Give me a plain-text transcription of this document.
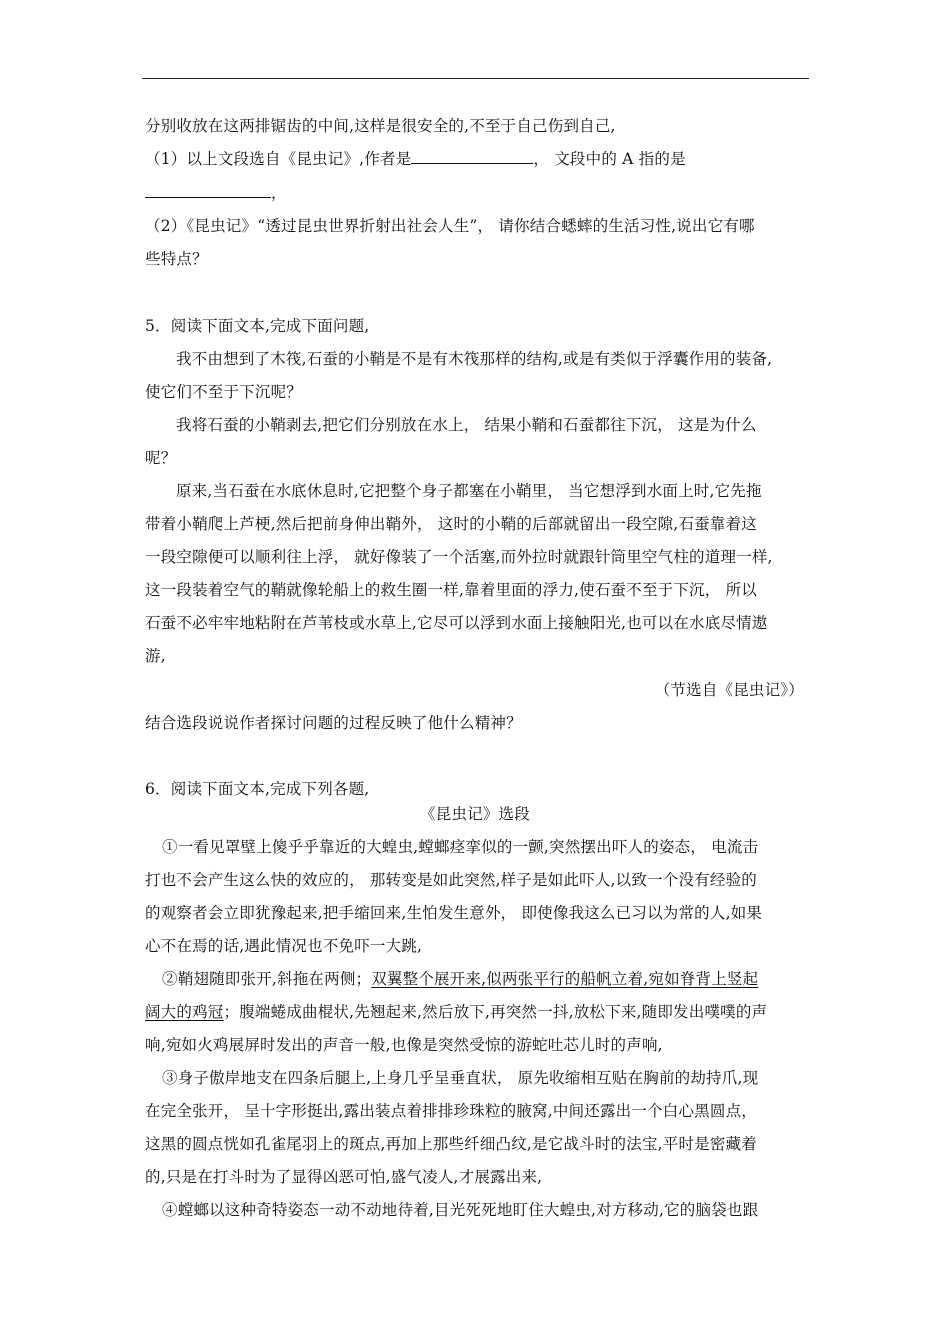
分别收放在这两排锯齿的中间,这样是很安全的,不至于自己伤到自己,
（1）以上文段选自《昆虫记》,作者是	， 文段中的 A 指的是
，
（2）《昆虫记》“透过昆虫世界折射出社会人生”， 请你结合蟋蟀的生活习性,说出它有哪
些特点？
5．阅读下面文本,完成下面问题,
我不由想到了木筏,石蚕的小鞘是不是有木筏那样的结构,或是有类似于浮囊作用的装备,
使它们不至于下沉呢？
我将石蚕的小鞘剥去,把它们分别放在水上， 结果小鞘和石蚕都往下沉， 这是为什么
呢？
原来,当石蚕在水底休息时,它把整个身子都塞在小鞘里， 当它想浮到水面上时,它先拖
带着小鞘爬上芦梗,然后把前身伸出鞘外， 这时的小鞘的后部就留出一段空隙,石蚕靠着这
一段空隙便可以顺利往上浮， 就好像装了一个活塞,而外拉时就跟针筒里空气柱的道理一样,
这一段装着空气的鞘就像轮船上的救生圈一样,靠着里面的浮力,使石蚕不至于下沉， 所以
石蚕不必牢牢地粘附在芦苇枝或水草上,它尽可以浮到水面上接触阳光,也可以在水底尽情遨
游,
（节选自《昆虫记》）
结合选段说说作者探讨问题的过程反映了他什么精神？
6．阅读下面文本,完成下列各题,
《昆虫记》选段
①一看见罩壁上傻乎乎靠近的大蝗虫,螳螂痉挛似的一颤,突然摆出吓人的姿态， 电流击
打也不会产生这么快的效应的， 那转变是如此突然,样子是如此吓人,以致一个没有经验的
的观察者会立即犹豫起来,把手缩回来,生怕发生意外， 即使像我这么已习以为常的人,如果
心不在焉的话,遇此情况也不免吓一大跳,
②鞘翅随即张开,斜拖在两侧；双翼整个展开来,似两张平行的船帆立着,宛如脊背上竖起
阔大的鸡冠；腹端蜷成曲棍状,先翘起来,然后放下,再突然一抖,放松下来,随即发出噗噗的声
响,宛如火鸡展屏时发出的声音一般,也像是突然受惊的游蛇吐芯儿时的声响,
③身子傲岸地支在四条后腿上,上身几乎呈垂直状， 原先收缩相互贴在胸前的劫持爪,现
在完全张开， 呈十字形挺出,露出装点着排排珍珠粒的腋窝,中间还露出一个白心黑圆点，
这黑的圆点恍如孔雀尾羽上的斑点,再加上那些纤细凸纹,是它战斗时的法宝,平时是密藏着
的,只是在打斗时为了显得凶恶可怕,盛气凌人,才展露出来,
④螳螂以这种奇特姿态一动不动地待着,目光死死地盯住大蝗虫,对方移动,它的脑袋也跟
